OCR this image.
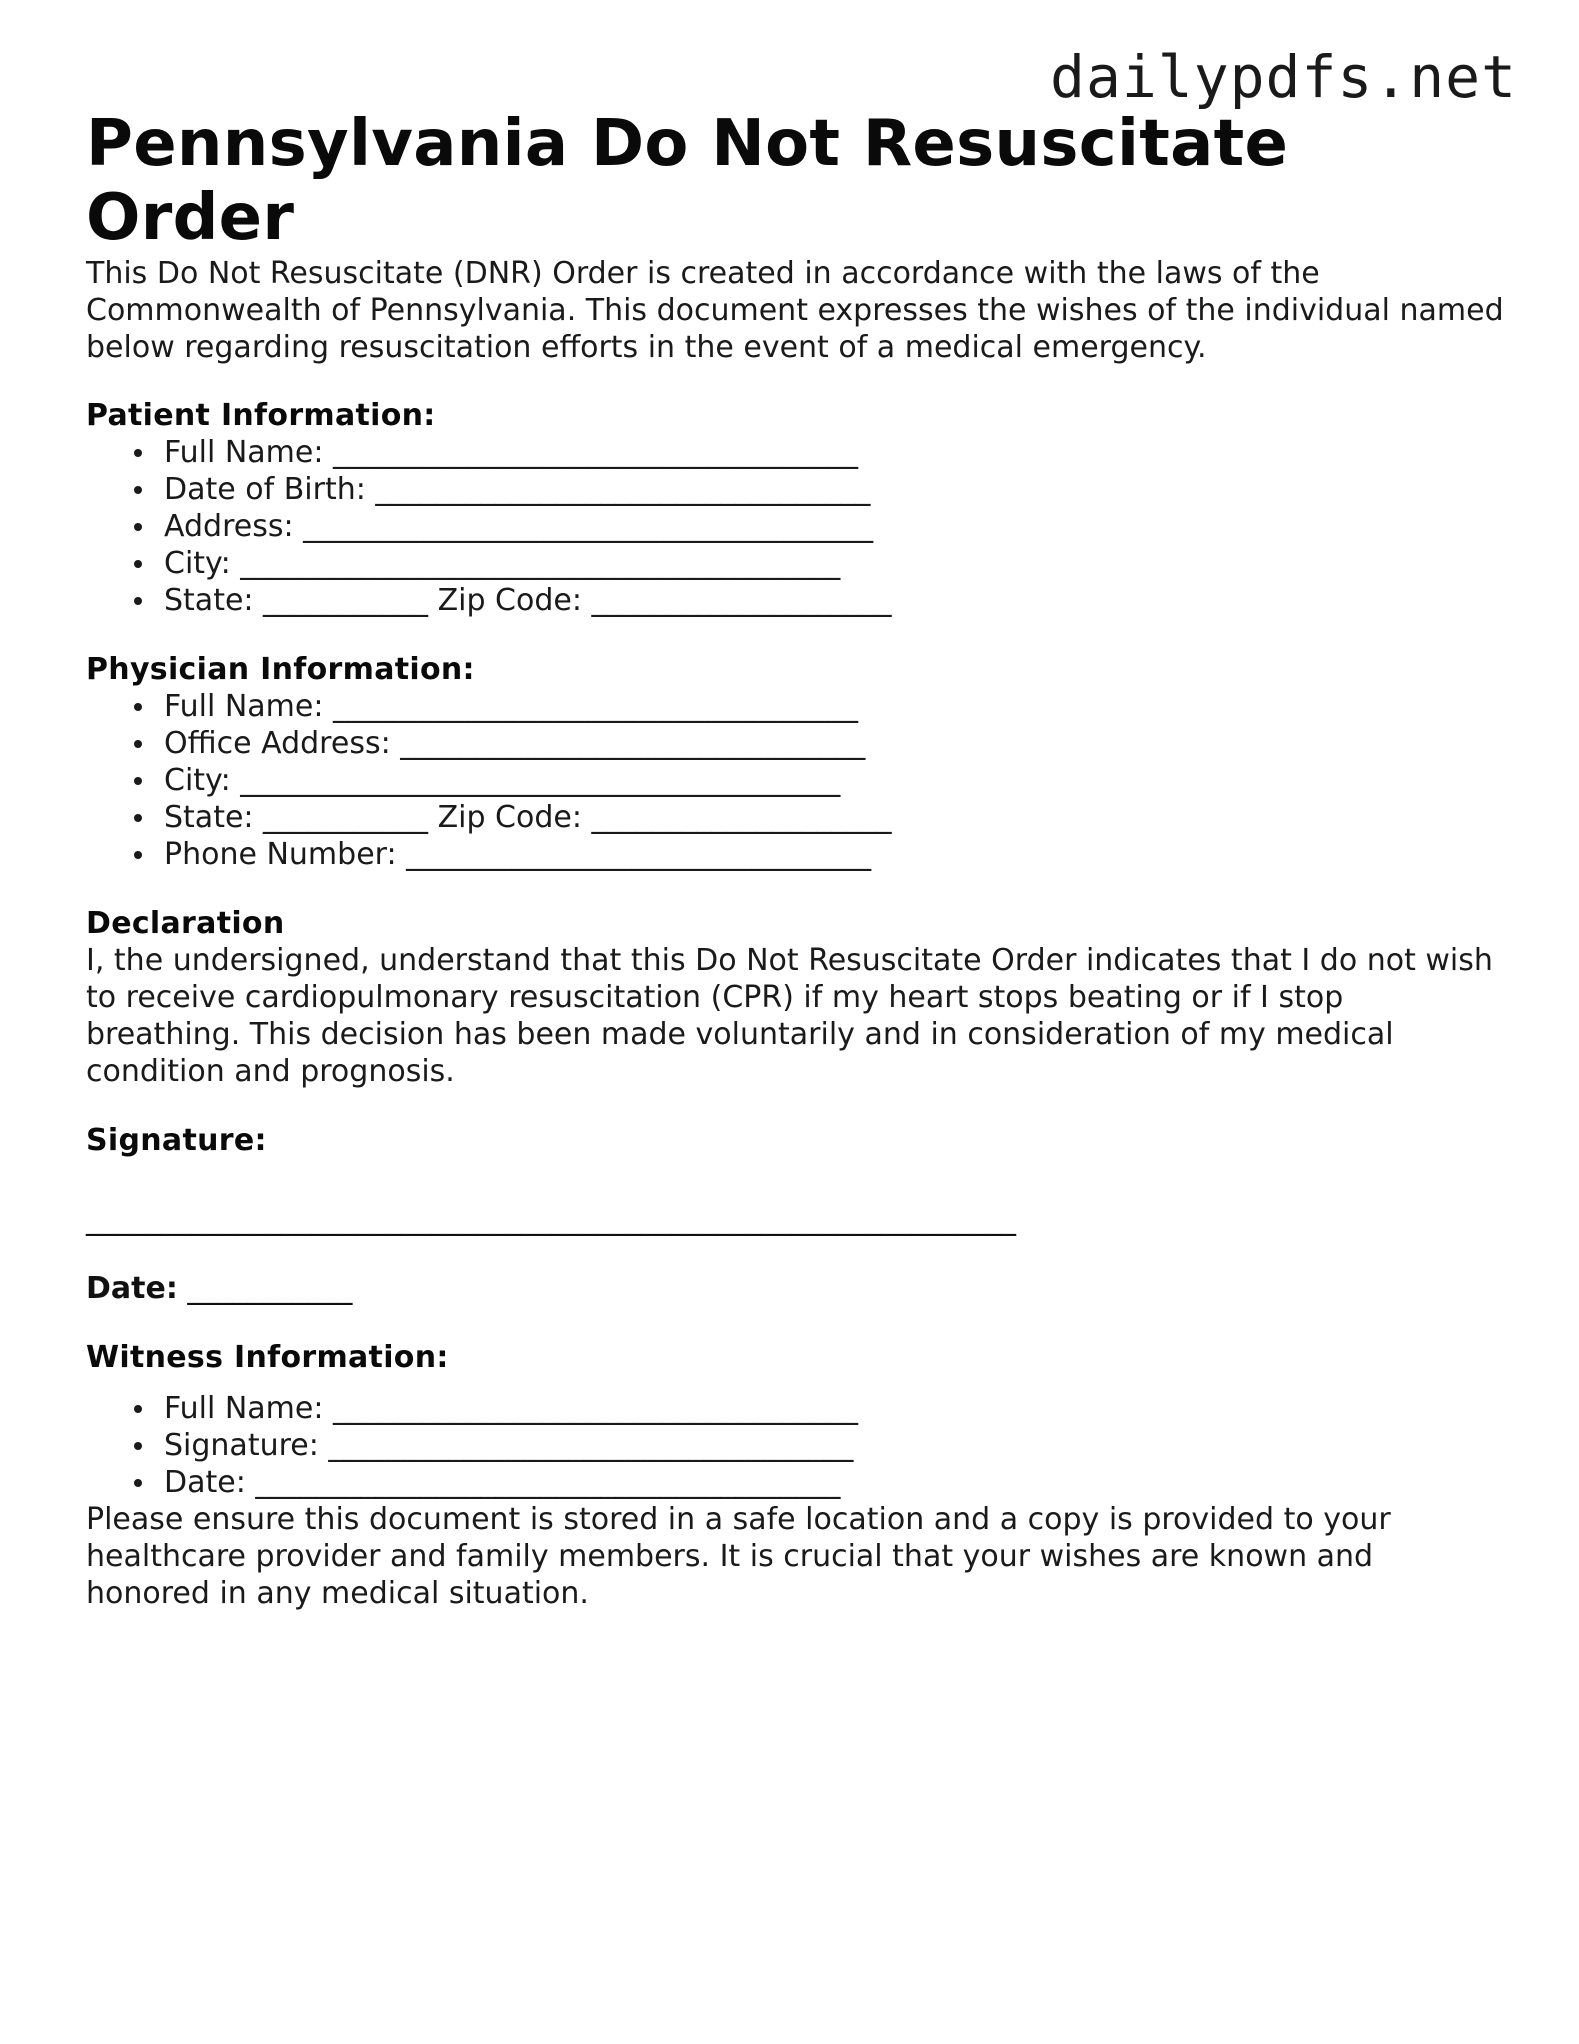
dailypdfs.net
Pennsylvania Do Not Resuscitate Order

This Do Not Resuscitate (DNR) Order is created in accordance with the laws of the Commonwealth of Pennsylvania. This document expresses the wishes of the individual named below regarding resuscitation efforts in the event of a medical emergency.

Patient Information:
Full Name: ___________________________________
Date of Birth: _________________________________
Address: ______________________________________
City: ________________________________________
State: ___________ Zip Code: ____________________
Physician Information:
Full Name: ___________________________________
Office Address: _______________________________
City: ________________________________________
State: ___________ Zip Code: ____________________
Phone Number: _______________________________
Declaration

I, the undersigned, understand that this Do Not Resuscitate Order indicates that I do not wish to receive cardiopulmonary resuscitation (CPR) if my heart stops beating or if I stop breathing. This decision has been made voluntarily and in consideration of my medical condition and prognosis.

Signature:
______________________________________________________________
Date: ___________
Witness Information:
Full Name: ___________________________________
Signature: ___________________________________
Date: _______________________________________

Please ensure this document is stored in a safe location and a copy is provided to your healthcare provider and family members. It is crucial that your wishes are known and honored in any medical situation.
